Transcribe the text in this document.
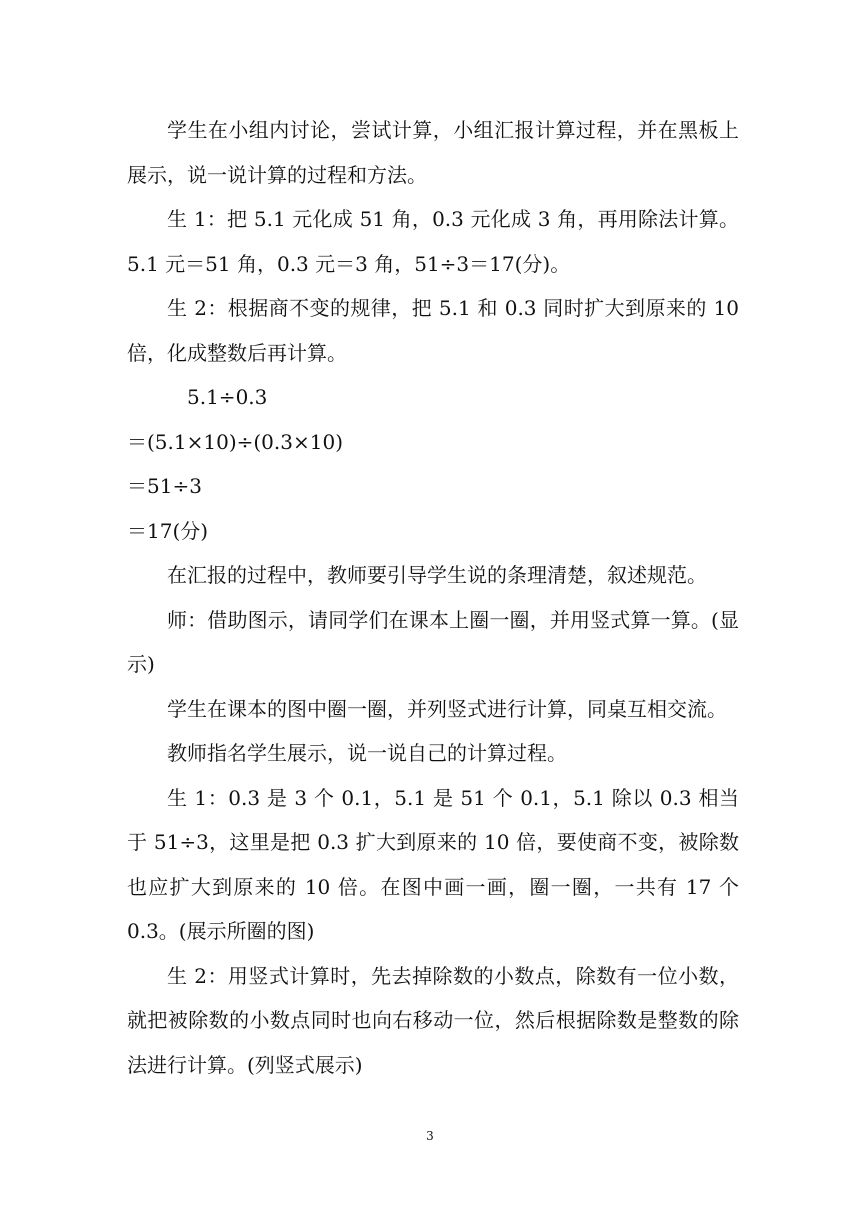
学生在小组内讨论，尝试计算，小组汇报计算过程，并在黑板上展示，说一说计算的过程和方法。

生 1：把 5.1 元化成 51 角，0.3 元化成 3 角，再用除法计算。5.1 元＝51 角，0.3 元＝3 角，51÷3＝17(分)。

生 2：根据商不变的规律，把 5.1 和 0.3 同时扩大到原来的 10 倍，化成整数后再计算。

5.1÷0.3

＝(5.1×10)÷(0.3×10)

＝51÷3

＝17(分)

在汇报的过程中，教师要引导学生说的条理清楚，叙述规范。

师：借助图示，请同学们在课本上圈一圈，并用竖式算一算。(显示)

学生在课本的图中圈一圈，并列竖式进行计算，同桌互相交流。

教师指名学生展示，说一说自己的计算过程。

生 1：0.3 是 3 个 0.1，5.1 是 51 个 0.1，5.1 除以 0.3 相当于 51÷3，这里是把 0.3 扩大到原来的 10 倍，要使商不变，被除数也应扩大到原来的 10 倍。在图中画一画，圈一圈，一共有 17 个 0.3。(展示所圈的图)

生 2：用竖式计算时，先去掉除数的小数点，除数有一位小数，就把被除数的小数点同时也向右移动一位，然后根据除数是整数的除法进行计算。(列竖式展示)

3
